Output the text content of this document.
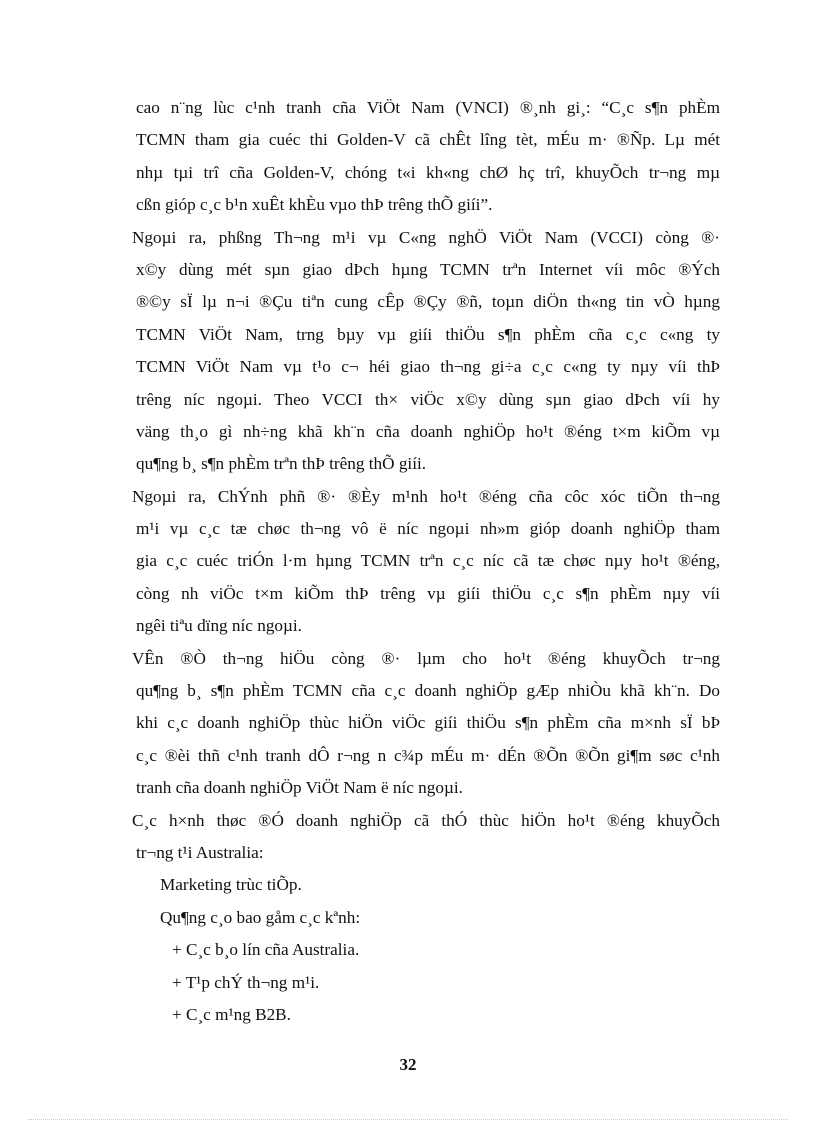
cao n¨ng lùc c¹nh tranh cña ViÖt Nam (VNCI) ®¸nh gi¸: “C¸c s¶n phÈm
TCMN tham gia cuéc thi Golden-V cã chÊt lîng tèt, mÉu m· ®Ñp. Lµ mét
nhµ tµi trî cña Golden-V, chóng t«i kh«ng chØ hç trî, khuyÕch tr¬ng mµ
cßn gióp c¸c b¹n xuÊt khÈu vµo thÞ trêng thÕ giíi”.
Ngoµi ra, phßng Th¬ng m¹i vµ C«ng nghÖ ViÖt Nam (VCCI) còng ®·
x©y dùng mét sµn giao dÞch hµng TCMN trªn Internet víi môc ®Ých
®©y sÏ lµ n¬i ®Çu tiªn cung cÊp ®Çy ®ñ, toµn diÖn th«ng tin vÒ hµng
TCMN ViÖt Nam, trng bµy vµ giíi thiÖu s¶n phÈm cña c¸c c«ng ty
TCMN ViÖt Nam vµ t¹o c¬ héi giao th¬ng gi÷a c¸c c«ng ty nµy víi thÞ
trêng níc ngoµi. Theo VCCI th× viÖc x©y dùng sµn giao dÞch víi hy
väng th¸o gì nh÷ng khã kh¨n cña doanh nghiÖp ho¹t ®éng t×m kiÕm vµ
qu¶ng b¸ s¶n phÈm trªn thÞ trêng thÕ giíi.
Ngoµi ra, ChÝnh phñ ®· ®Èy m¹nh ho¹t ®éng cña côc xóc tiÕn th¬ng
m¹i vµ c¸c tæ chøc th¬ng vô ë níc ngoµi nh»m gióp doanh nghiÖp tham
gia c¸c cuéc triÓn l·m hµng TCMN trªn c¸c níc cã tæ chøc nµy ho¹t ®éng,
còng nh viÖc t×m kiÕm thÞ trêng vµ giíi thiÖu c¸c s¶n phÈm nµy víi
ngêi tiªu dïng níc ngoµi.
VÊn ®Ò th¬ng hiÖu còng ®· lµm cho ho¹t ®éng khuyÕch tr¬ng
qu¶ng b¸ s¶n phÈm TCMN cña c¸c doanh nghiÖp gÆp nhiÒu khã kh¨n. Do
khi c¸c doanh nghiÖp thùc hiÖn viÖc giíi thiÖu s¶n phÈm cña m×nh sÏ bÞ
c¸c ®èi thñ c¹nh tranh dÔ r¬ng n c¾p mÉu m· dÉn ®Õn ®Õn gi¶m søc c¹nh
tranh cña doanh nghiÖp ViÖt Nam ë níc ngoµi.
C¸c h×nh thøc ®Ó doanh nghiÖp cã thÓ thùc hiÖn ho¹t ®éng khuyÕch
tr¬ng t¹i Australia:
Marketing trùc tiÕp.
Qu¶ng c¸o bao gåm c¸c kªnh:
+ C¸c b¸o lín cña Australia.
+ T¹p chÝ th¬ng m¹i.
+ C¸c m¹ng B2B.
32
